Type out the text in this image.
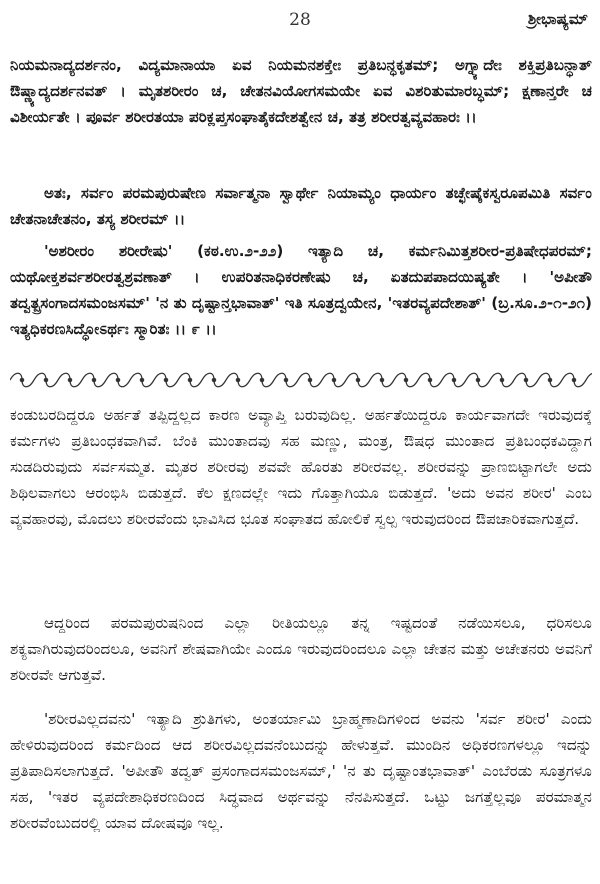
28	ಶ್ರೀಭಾಷ್ಯಮ್

ನಿಯಮನಾದ್ಯದರ್ಶನಂ, ವಿದ್ಯಮಾನಾಯಾ ಏವ ನಿಯಮನಶಕ್ತೇಃ ಪ್ರತಿಬನ್ಧಕೃತಮ್; ಅಗ್ನ್ಯಾದೇಃ ಶಕ್ತಿಪ್ರತಿಬನ್ಧಾತ್ ಔಷ್ಣ್ಯಾದ್ಯದರ್ಶನವತ್ । ಮೃತಶರೀರಂ ಚ, ಚೇತನವಿಯೋಗಸಮಯೇ ಏವ ವಿಶರಿತುಮಾರಬ್ಧಮ್; ಕ್ಷಣಾನ್ತರೇ ಚ ವಿಶೀರ್ಯತೇ । ಪೂರ್ವ ಶರೀರತಯಾ ಪರಿಕ್ಲಪ್ತಸಂಘಾತೈಕದೇಶತ್ವೇನ ಚ, ತತ್ರ ಶರೀರತ್ವವ್ಯವಹಾರಃ ।।

ಅತಃ, ಸರ್ವಂ ಪರಮಪುರುಷೇಣ ಸರ್ವಾತ್ಮನಾ ಸ್ವಾರ್ಥೇ ನಿಯಾಮ್ಯಂ ಧಾರ್ಯಂ ತಚ್ಛೇಷೈಕಸ್ವರೂಪಮಿತಿ ಸರ್ವಂ ಚೇತನಾಚೇತನಂ, ತಸ್ಯ ಶರೀರಮ್ ।।

'ಅಶರೀರಂ ಶರೀರೇಷು' (ಕಠ.ಉ.೨-೨೨) ಇತ್ಯಾದಿ ಚ, ಕರ್ಮನಿಮಿತ್ತಶರೀರ-ಪ್ರತಿಷೇಧಪರಮ್; ಯಥೋಕ್ತಶರ್ವಶರೀರತ್ವಶ್ರವಣಾತ್ । ಉಪರಿತನಾಧಿಕರಣೇಷು ಚ, ಏತದುಪಪಾದಯಿಷ್ಯತೇ । 'ಅಪೀತೌ ತದ್ವತ್ಪ್ರಸಂಗಾದಸಮಂಜಸಮ್' 'ನ ತು ದೃಷ್ಟಾನ್ತಭಾವಾತ್' ಇತಿ ಸೂತ್ರದ್ವಯೇನ, 'ಇತರವ್ಯಪದೇಶಾತ್' (ಬ್ರ.ಸೂ.೨-೧-೨೧) ಇತ್ಯಧಿಕರಣಸಿದ್ಧೋಽರ್ಥಃ ಸ್ಮಾರಿತಃ ।। ೯ ।।

ಕಂಡುಬರದಿದ್ದರೂ ಅರ್ಹತೆ ತಪ್ಪಿದ್ದಲ್ಲದ ಕಾರಣ ಅವ್ಯಾಪ್ತಿ ಬರುವುದಿಲ್ಲ. ಅರ್ಹತೆಯಿದ್ದರೂ ಕಾರ್ಯವಾಗದೇ ಇರುವುದಕ್ಕೆ ಕರ್ಮಗಳು ಪ್ರತಿಬಂಧಕವಾಗಿವೆ. ಬೆಂಕಿ ಮುಂತಾದವು ಸಹ ಮಣ್ಣು, ಮಂತ್ರ, ಔಷಧ ಮುಂತಾದ ಪ್ರತಿಬಂಧಕವಿದ್ದಾಗ ಸುಡದಿರುವುದು ಸರ್ವಸಮ್ಮತ. ಮೃತರ ಶರೀರವು ಶವವೇ ಹೊರತು ಶರೀರವಲ್ಲ. ಶರೀರವನ್ನು ಪ್ರಾಣಬಿಟ್ಟಾಗಲೇ ಅದು ಶಿಥಿಲವಾಗಲು ಆರಂಭಿಸಿ ಬಿಡುತ್ತದೆ. ಕೆಲ ಕ್ಷಣದಲ್ಲೇ ಇದು ಗೊತ್ತಾಗಿಯೂ ಬಿಡುತ್ತದೆ. 'ಅದು ಅವನ ಶರೀರ' ಎಂಬ ವ್ಯವಹಾರವು, ಮೊದಲು ಶರೀರವೆಂದು ಭಾವಿಸಿದ ಭೂತ ಸಂಘಾತದ ಹೋಲಿಕೆ ಸ್ವಲ್ಪ ಇರುವುದರಿಂದ ಔಪಚಾರಿಕವಾಗುತ್ತದೆ.

ಆದ್ದರಿಂದ ಪರಮಪುರುಷನಿಂದ ಎಲ್ಲಾ ರೀತಿಯಲ್ಲೂ ತನ್ನ ಇಷ್ಟದಂತೆ ನಡೆಯಿಸಲೂ, ಧರಿಸಲೂ ಶಕ್ಯವಾಗಿರುವುದರಿಂದಲೂ, ಅವನಿಗೆ ಶೇಷವಾಗಿಯೇ ಎಂದೂ ಇರುವುದರಿಂದಲೂ ಎಲ್ಲಾ ಚೇತನ ಮತ್ತು ಅಚೇತನರು ಅವನಿಗೆ ಶರೀರವೇ ಆಗುತ್ತವೆ.

'ಶರೀರವಿಲ್ಲದವನು' ಇತ್ಯಾದಿ ಶ್ರುತಿಗಳು, ಅಂತರ್ಯಾಮಿ ಬ್ರಾಹ್ಮಣಾದಿಗಳಿಂದ ಅವನು 'ಸರ್ವ ಶರೀರ' ಎಂದು ಹೇಳಿರುವುದರಿಂದ ಕರ್ಮದಿಂದ ಆದ ಶರೀರವಿಲ್ಲದವನೆಂಬುದನ್ನು ಹೇಳುತ್ತವೆ. ಮುಂದಿನ ಅಧಿಕರಣಗಳಲ್ಲೂ ಇದನ್ನು ಪ್ರತಿಪಾದಿಸಲಾಗುತ್ತದೆ. 'ಅಪೀತೌ ತದ್ವತ್ ಪ್ರಸಂಗಾದಸಮಂಜಸಮ್,' 'ನ ತು ದೃಷ್ಟಾಂತಭಾವಾತ್' ಎಂಬೆರಡು ಸೂತ್ರಗಳೂ ಸಹ, 'ಇತರ ವ್ಯಪದೇಶಾಧಿಕರಣದಿಂದ ಸಿದ್ಧವಾದ ಅರ್ಥವನ್ನು ನೆನಪಿಸುತ್ತದೆ. ಒಟ್ಟು ಜಗತ್ತೆಲ್ಲವೂ ಪರಮಾತ್ಮನ ಶರೀರವೆಂಬುದರಲ್ಲಿ ಯಾವ ದೋಷವೂ ಇಲ್ಲ.
